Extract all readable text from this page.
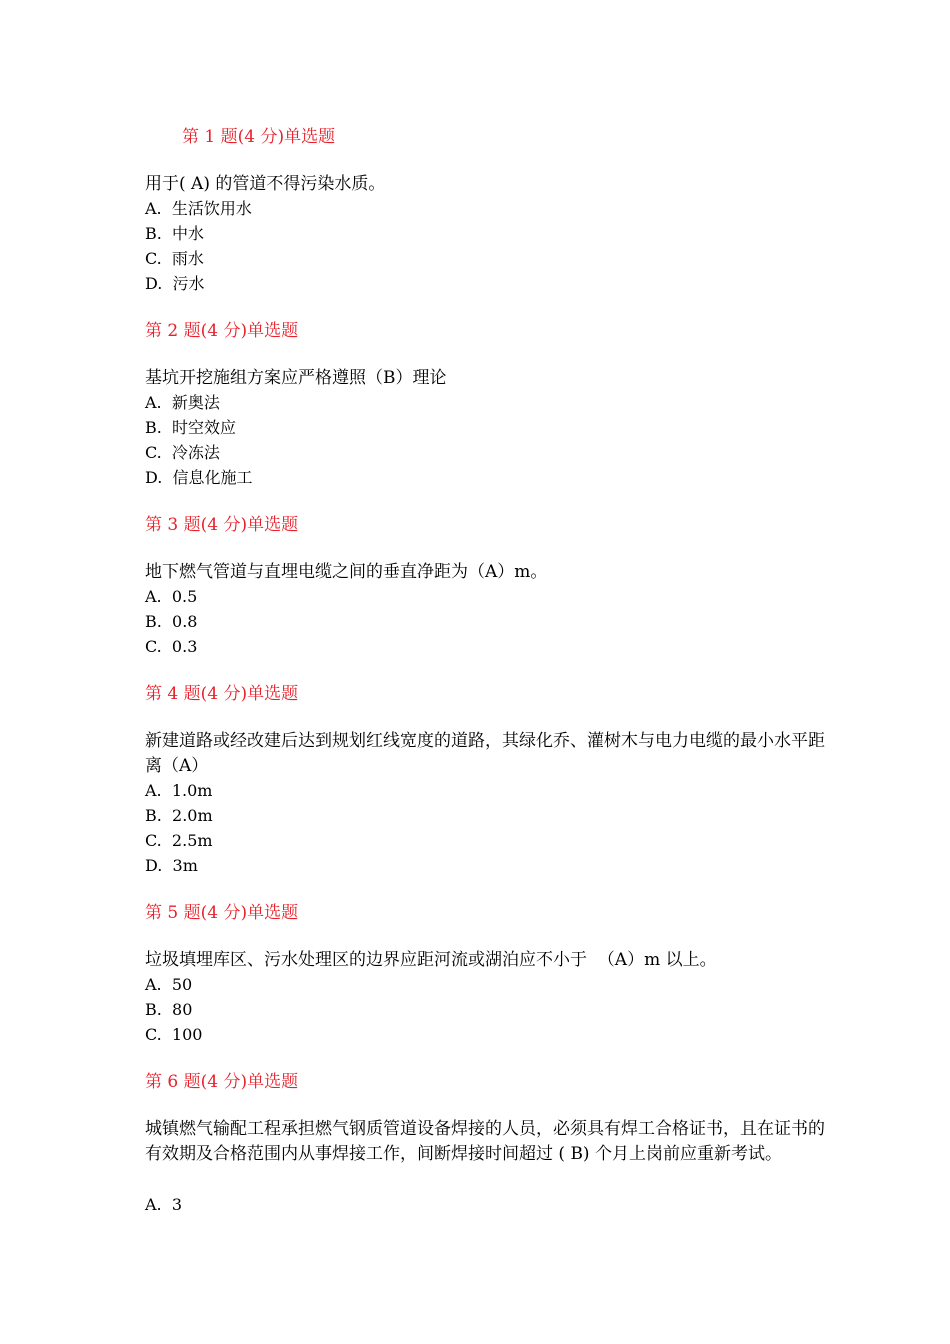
第 1 题(4 分)单选题
用于( A) 的管道不得污染水质。
A.  生活饮用水
B.  中水
C.  雨水
D.  污水
第 2 题(4 分)单选题
基坑开挖施组方案应严格遵照（B）理论
A.  新奥法
B.  时空效应
C.  冷冻法
D.  信息化施工
第 3 题(4 分)单选题
地下燃气管道与直埋电缆之间的垂直净距为（A）m。
A.  0.5
B.  0.8
C.  0.3
第 4 题(4 分)单选题
新建道路或经改建后达到规划红线宽度的道路，其绿化乔、灌树木与电力电缆的最小水平距离（A）
A.  1.0m
B.  2.0m
C.  2.5m
D.  3m
第 5 题(4 分)单选题
垃圾填埋库区、污水处理区的边界应距河流或湖泊应不小于  （A）m 以上。
A.  50
B.  80
C.  100
第 6 题(4 分)单选题
城镇燃气输配工程承担燃气钢质管道设备焊接的人员，必须具有焊工合格证书，且在证书的有效期及合格范围内从事焊接工作，间断焊接时间超过 ( B) 个月上岗前应重新考试。
A.  3
